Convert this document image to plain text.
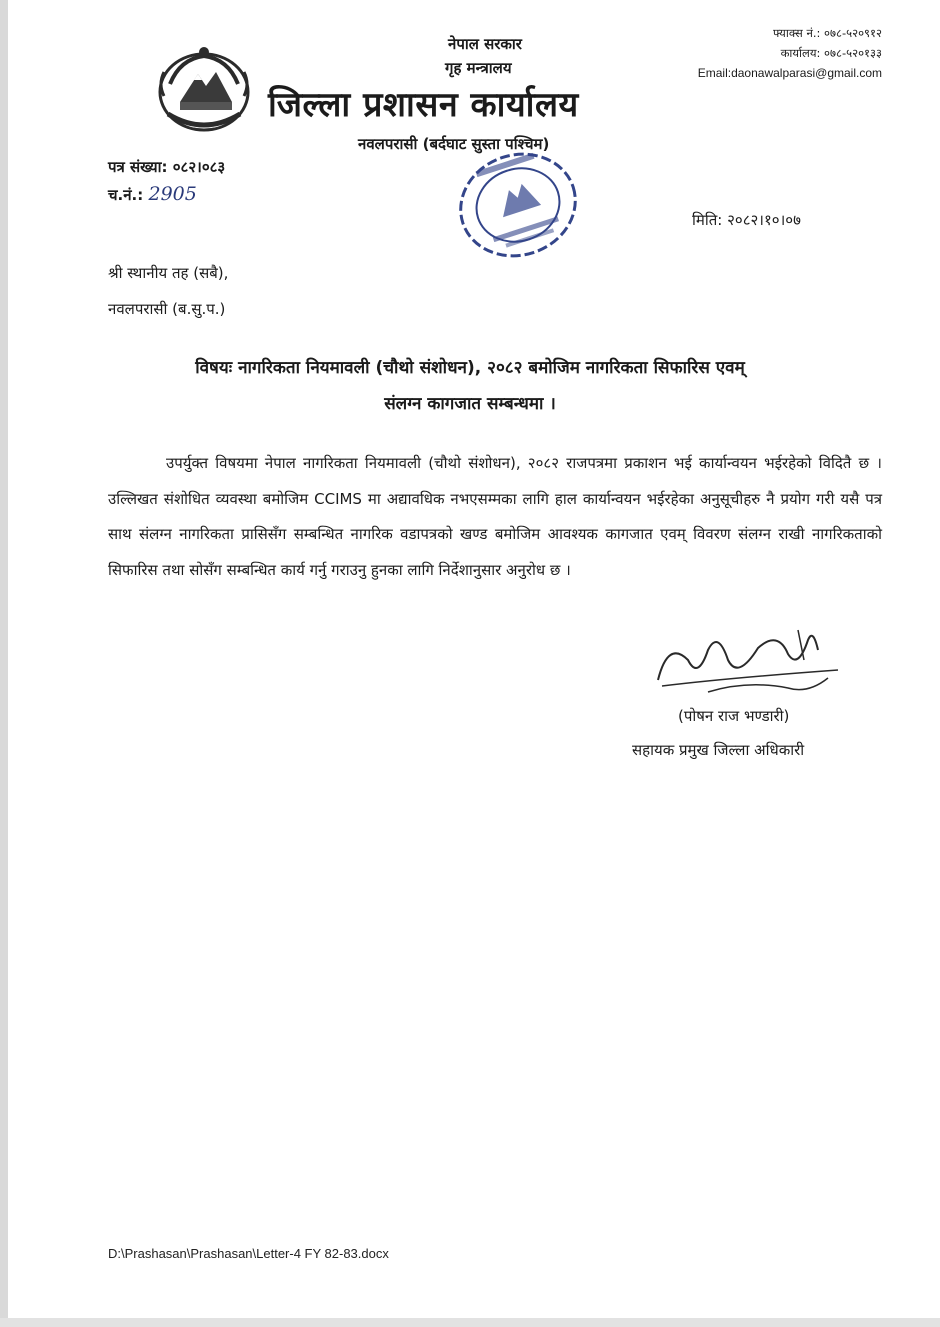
नेपाल सरकार
गृह मन्त्रालय
जिल्ला प्रशासन कार्यालय
नवलपरासी (बर्दघाट सुस्ता पश्चिम)
फ्याक्स नं.: ०७८-५२०९१२
कार्यालय: ०७८-५२०१३३
Email:daonawalparasi@gmail.com
पत्र संख्या: ०८२।०८३
च.नं.: 2905
मिति: २०८२।१०।०७
श्री स्थानीय तह (सबै),
नवलपरासी (ब.सु.प.)
विषयः नागरिकता नियमावली (चौथो संशोधन), २०८२ बमोजिम नागरिकता सिफारिस एवम्
संलग्न कागजात सम्बन्धमा ।
उपर्युक्त विषयमा नेपाल नागरिकता नियमावली (चौथो संशोधन), २०८२ राजपत्रमा प्रकाशन भई कार्यान्वयन भईरहेको विदितै छ । उल्लिखत संशोधित व्यवस्था बमोजिम CCIMS मा अद्यावधिक नभएसम्मका लागि हाल कार्यान्वयन भईरहेका अनुसूचीहरु नै प्रयोग गरी यसै पत्र साथ संलग्न नागरिकता प्रासिसँग सम्बन्धित नागरिक वडापत्रको खण्ड बमोजिम आवश्यक कागजात एवम् विवरण संलग्न राखी नागरिकताको सिफारिस तथा सोसँग सम्बन्धित कार्य गर्नु गराउनु हुनका लागि निर्देशानुसार अनुरोध छ ।
(पोषन राज भण्डारी)
सहायक प्रमुख जिल्ला अधिकारी
D:\Prashasan\Prashasan\Letter-4 FY 82-83.docx
